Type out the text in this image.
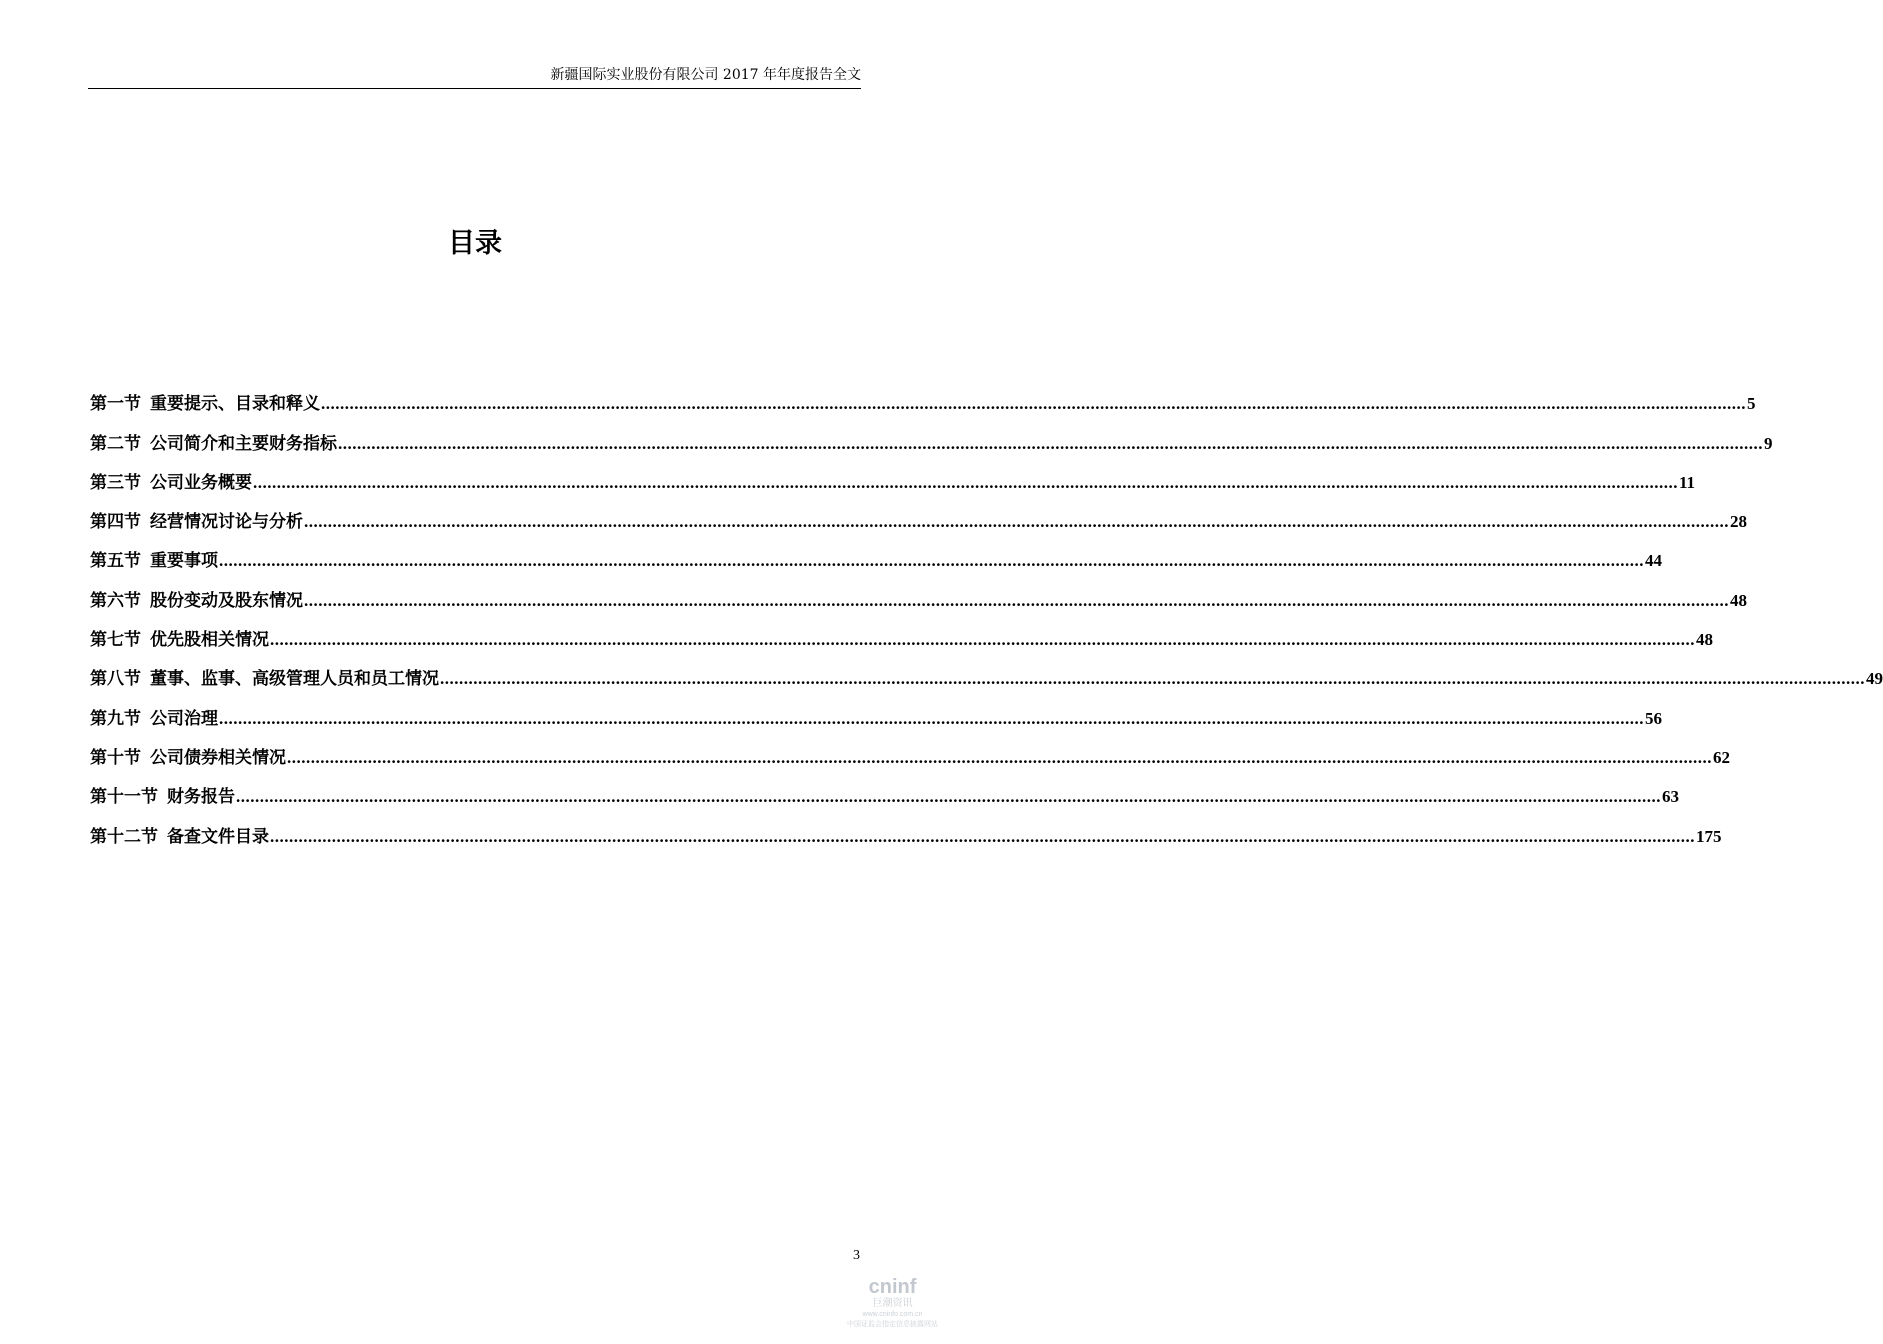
新疆国际实业股份有限公司 2017 年年度报告全文
目录
第一节 重要提示、目录和释义 ............................................................................................................................................................................................................................................................................................................ 5
第二节 公司简介和主要财务指标 ............................................................................................................................................................................................................................................................................................................ 9
第三节 公司业务概要 ............................................................................................................................................................................................................................................................................................................ 11
第四节 经营情况讨论与分析 ............................................................................................................................................................................................................................................................................................................ 28
第五节 重要事项 ............................................................................................................................................................................................................................................................................................................ 44
第六节 股份变动及股东情况 ............................................................................................................................................................................................................................................................................................................ 48
第七节 优先股相关情况 ............................................................................................................................................................................................................................................................................................................ 48
第八节 董事、监事、高级管理人员和员工情况 ............................................................................................................................................................................................................................................................................................................ 49
第九节 公司治理 ............................................................................................................................................................................................................................................................................................................ 56
第十节 公司债券相关情况 ............................................................................................................................................................................................................................................................................................................ 62
第十一节 财务报告 ............................................................................................................................................................................................................................................................................................................ 63
第十二节 备查文件目录 ............................................................................................................................................................................................................................................................................................................ 175
3
cninf
巨潮资讯
www.cninfo.com.cn
中国证监会指定信息披露网站
